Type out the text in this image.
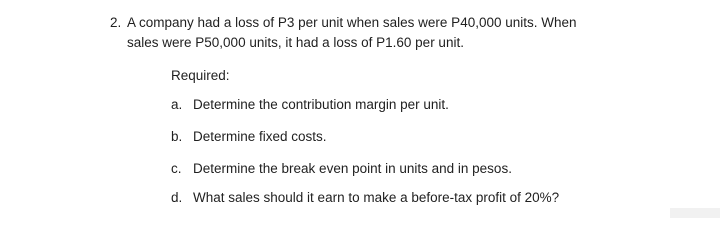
2. A company had a loss of P3 per unit when sales were P40,000 units. When
sales were P50,000 units, it had a loss of P1.60 per unit.
Required:
a. Determine the contribution margin per unit.
b. Determine fixed costs.
c. Determine the break even point in units and in pesos.
d. What sales should it earn to make a before-tax profit of 20%?
